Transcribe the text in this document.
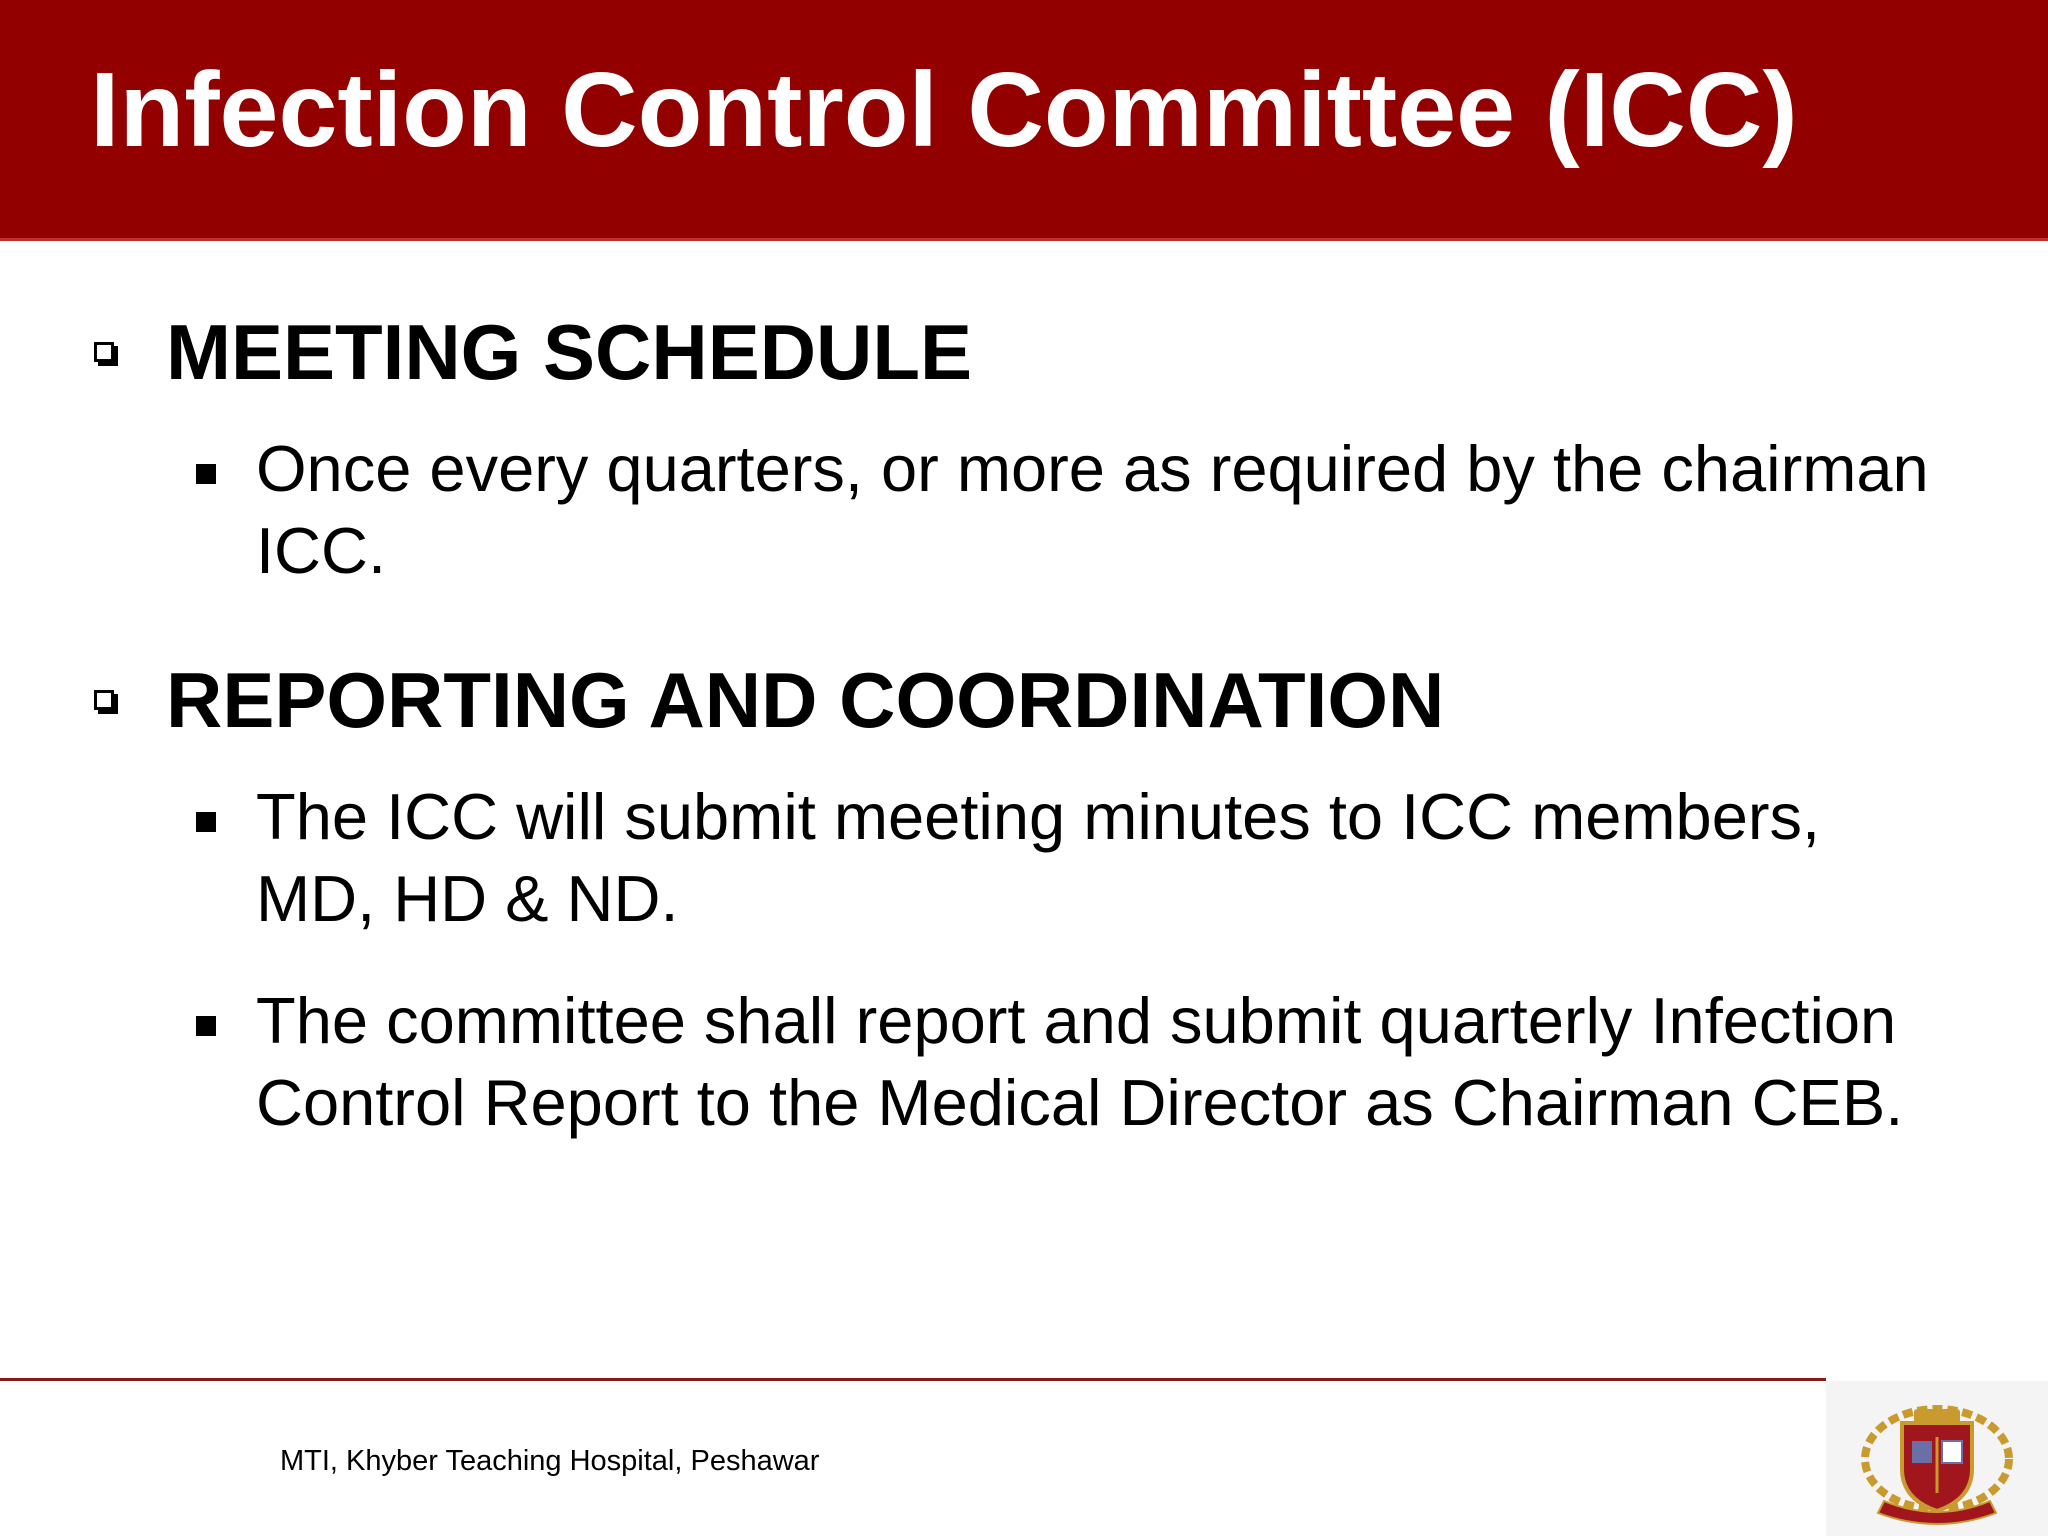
Infection Control Committee (ICC)
MEETING SCHEDULE

Once every quarters, or more as required by the chairman ICC.

REPORTING AND COORDINATION

The ICC will submit meeting minutes to ICC members, MD, HD & ND.

The committee shall report and submit quarterly Infection Control Report to the Medical Director as Chairman CEB.

MTI, Khyber Teaching Hospital, Peshawar
